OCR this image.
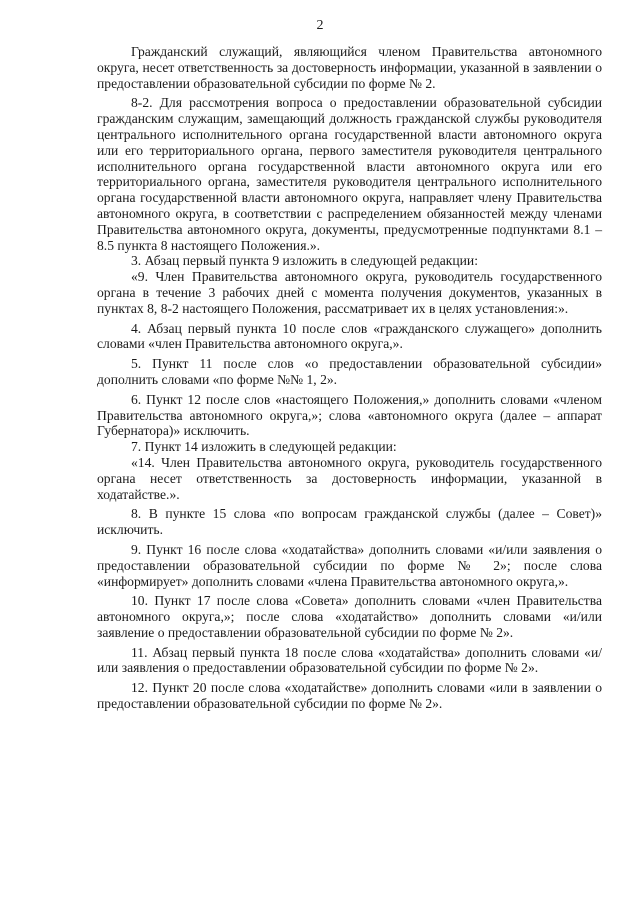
2

Гражданский служащий, являющийся членом Правительства автономного округа, несет ответственность за достоверность информации, указанной в заявлении о предоставлении образовательной субсидии по форме № 2.

8-2. Для рассмотрения вопроса о предоставлении образовательной субсидии гражданским служащим, замещающий должность гражданской службы руководителя центрального исполнительного органа государственной власти автономного округа или его территориального органа, первого заместителя руководителя центрального исполнительного органа государственной власти автономного округа или его территориального органа, заместителя руководителя центрального исполнительного органа государственной власти автономного округа, направляет члену Правительства автономного округа, в соответствии с распределением обязанностей между членами Правительства автономного округа, документы, предусмотренные подпунктами 8.1 – 8.5 пункта 8 настоящего Положения.».

3. Абзац первый пункта 9 изложить в следующей редакции:

«9. Член Правительства автономного округа, руководитель государственного органа в течение 3 рабочих дней с момента получения документов, указанных в пунктах 8, 8-2 настоящего Положения, рассматривает их в целях установления:».

4. Абзац первый пункта 10 после слов «гражданского служащего» дополнить словами «член Правительства автономного округа,».

5. Пункт 11 после слов «о предоставлении образовательной субсидии» дополнить словами «по форме №№ 1, 2».

6. Пункт 12 после слов «настоящего Положения,» дополнить словами «членом Правительства автономного округа,»; слова «автономного округа (далее – аппарат Губернатора)» исключить.

7. Пункт 14 изложить в следующей редакции:

«14. Член Правительства автономного округа, руководитель государственного органа несет ответственность за достоверность информации, указанной в ходатайстве.».

8. В пункте 15 слова «по вопросам гражданской службы (далее – Совет)» исключить.

9. Пункт 16 после слова «ходатайства» дополнить словами «и/или заявления о предоставлении образовательной субсидии по форме № 2»; после слова «информирует» дополнить словами «члена Правительства автономного округа,».

10. Пункт 17 после слова «Совета» дополнить словами «член Правительства автономного округа,»; после слова «ходатайство» дополнить словами «и/или заявление о предоставлении образовательной субсидии по форме № 2».

11. Абзац первый пункта 18 после слова «ходатайства» дополнить словами «и/или заявления о предоставлении образовательной субсидии по форме № 2».

12. Пункт 20 после слова «ходатайстве» дополнить словами «или в заявлении о предоставлении образовательной субсидии по форме № 2».
